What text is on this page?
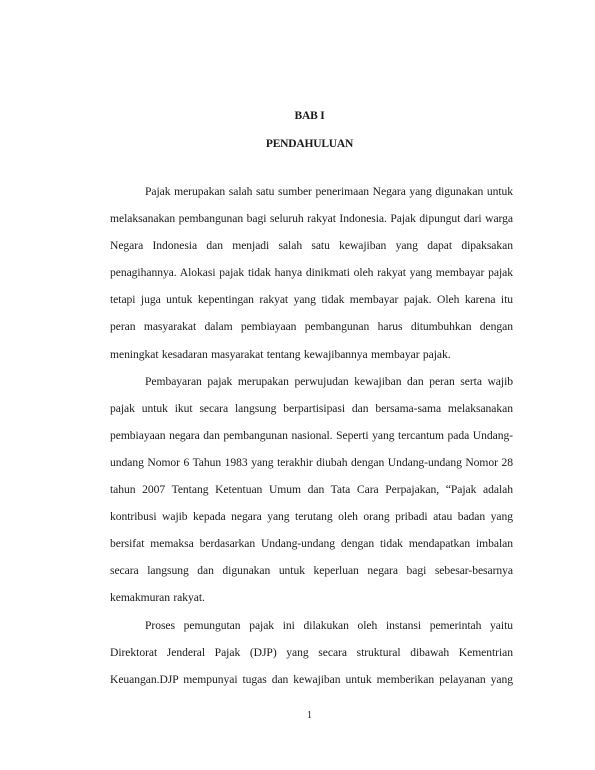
BAB I
PENDAHULUAN

Pajak merupakan salah satu sumber penerimaan Negara yang digunakan untuk melaksanakan pembangunan bagi seluruh rakyat Indonesia. Pajak dipungut dari warga Negara Indonesia dan menjadi salah satu kewajiban yang dapat dipaksakan penagihannya. Alokasi pajak tidak hanya dinikmati oleh rakyat yang membayar pajak tetapi juga untuk kepentingan rakyat yang tidak membayar pajak. Oleh karena itu peran masyarakat dalam pembiayaan pembangunan harus ditumbuhkan dengan meningkat kesadaran masyarakat tentang kewajibannya membayar pajak.

Pembayaran pajak merupakan perwujudan kewajiban dan peran serta wajib pajak untuk ikut secara langsung berpartisipasi dan bersama-sama melaksanakan pembiayaan negara dan pembangunan nasional. Seperti yang tercantum pada Undang-undang Nomor 6 Tahun 1983 yang terakhir diubah dengan Undang-undang Nomor 28 tahun 2007 Tentang Ketentuan Umum dan Tata Cara Perpajakan, “Pajak adalah kontribusi wajib kepada negara yang terutang oleh orang pribadi atau badan yang bersifat memaksa berdasarkan Undang-undang dengan tidak mendapatkan imbalan secara langsung dan digunakan untuk keperluan negara bagi sebesar-besarnya kemakmuran rakyat.

Proses pemungutan pajak ini dilakukan oleh instansi pemerintah yaitu Direktorat Jenderal Pajak (DJP) yang secara struktural dibawah Kementrian Keuangan.DJP mempunyai tugas dan kewajiban untuk memberikan pelayanan yang

1
